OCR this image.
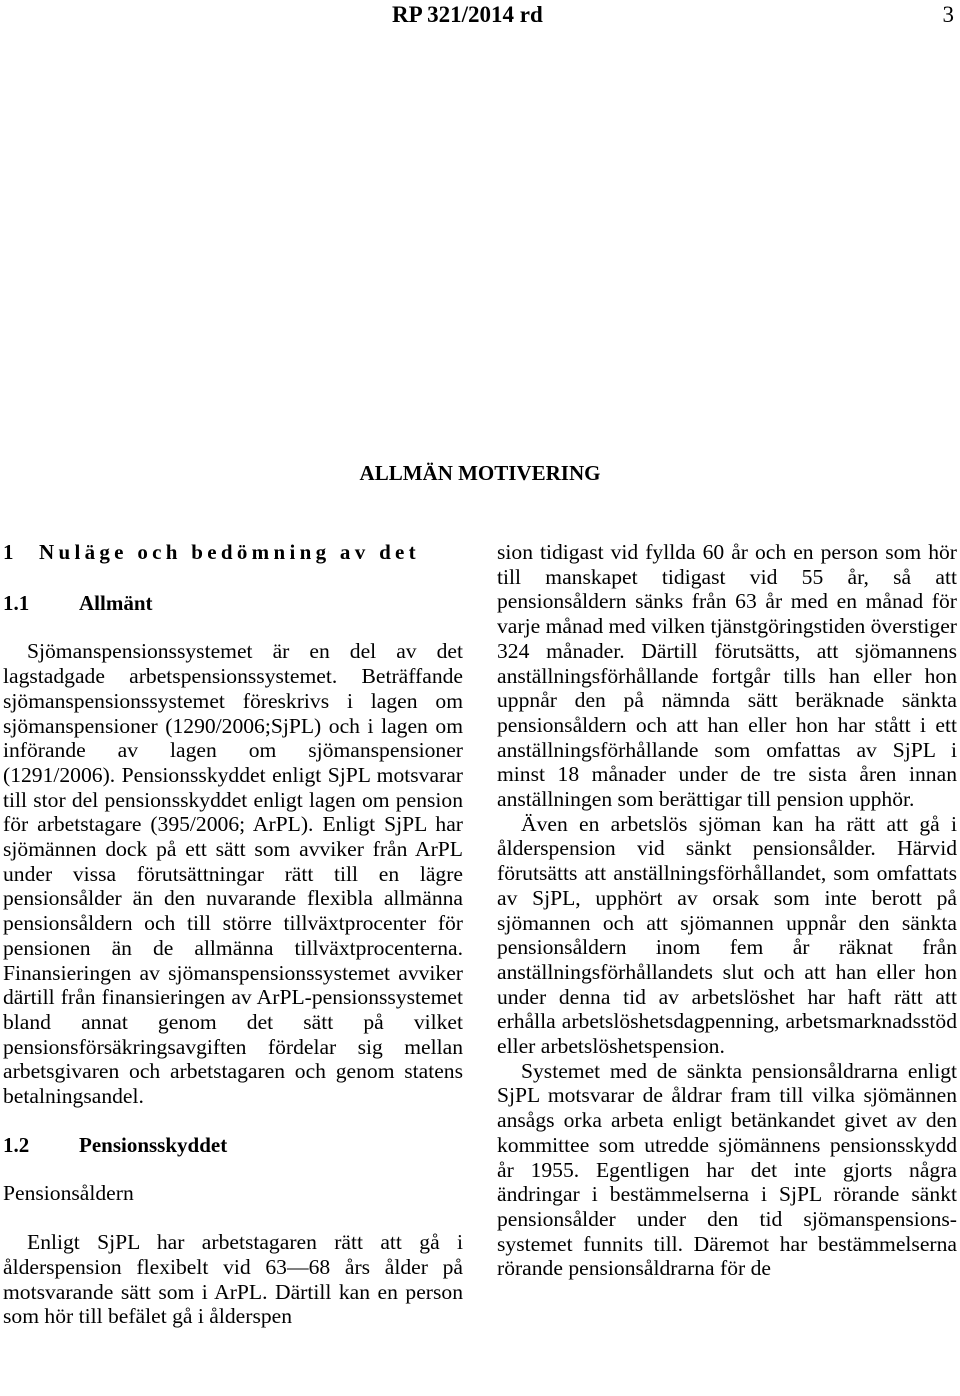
RP 321/2014 rd	3
ALLMÄN MOTIVERING
1 Nuläge och bedömning av det
1.1 Allmänt

Sjömanspensionssystemet är en del av det lagstadgade arbetspensionssystemet. Beträffande sjömanspensionssystemet föreskrivs i lagen om sjömanspensioner (1290/2006;SjPL) och i lagen om införande av lagen om sjömanspensioner (1291/2006). Pensionsskyddet enligt SjPL motsvarar till stor del pensionsskyddet enligt lagen om pension för arbetstagare (395/2006; ArPL). Enligt SjPL har sjömännen dock på ett sätt som avviker från ArPL under vissa förutsättningar rätt till en lägre pensionsålder än den nuvarande flexibla allmänna pensionsåldern och till större tillväxtprocenter för pensionen än de allmänna tillväxtprocenterna. Finansieringen av sjömanspensionssystemet avviker därtill från finansieringen av ArPL-pensionssystemet bland annat genom det sätt på vilket pensionsförsäkringsavgiften fördelar sig mellan arbetsgivaren och arbetstagaren och genom statens betalningsandel.

1.2 Pensionsskyddet
Pensionsåldern

Enligt SjPL har arbetstagaren rätt att gå i ålderspension flexibelt vid 63—68 års ålder på motsvarande sätt som i ArPL. Därtill kan en person som hör till befälet gå i ålderspen

sion tidigast vid fyllda 60 år och en person som hör till manskapet tidigast vid 55 år, så att pensionsåldern sänks från 63 år med en månad för varje månad med vilken tjänstgöringstiden överstiger 324 månader. Därtill förutsätts, att sjömannens anställningsförhållande fortgår tills han eller hon uppnår den på nämnda sätt beräknade sänkta pensionsåldern och att han eller hon har stått i ett anställningsförhållande som omfattas av SjPL i minst 18 månader under de tre sista åren innan anställningen som berättigar till pension upphör.

Även en arbetslös sjöman kan ha rätt att gå i ålderspension vid sänkt pensionsålder. Härvid förutsätts att anställningsförhållandet, som omfattats av SjPL, upphört av orsak som inte berott på sjömannen och att sjömannen uppnår den sänkta pensionsåldern inom fem år räknat från anställningsförhållandets slut och att han eller hon under denna tid av arbetslöshet har haft rätt att erhålla arbetslöshetsdagpenning, arbetsmarknadsstöd eller arbetslöshetspension.

Systemet med de sänkta pensionsåldrarna enligt SjPL motsvarar de åldrar fram till vilka sjömännen ansågs orka arbeta enligt betänkandet givet av den kommittee som utredde sjömännens pensionsskydd år 1955. Egentligen har det inte gjorts några ändringar i bestämmelserna i SjPL rörande sänkt pensionsålder under den tid sjömanspensionssystemet funnits till. Däremot har bestämmelserna rörande pensionsåldrarna för de
